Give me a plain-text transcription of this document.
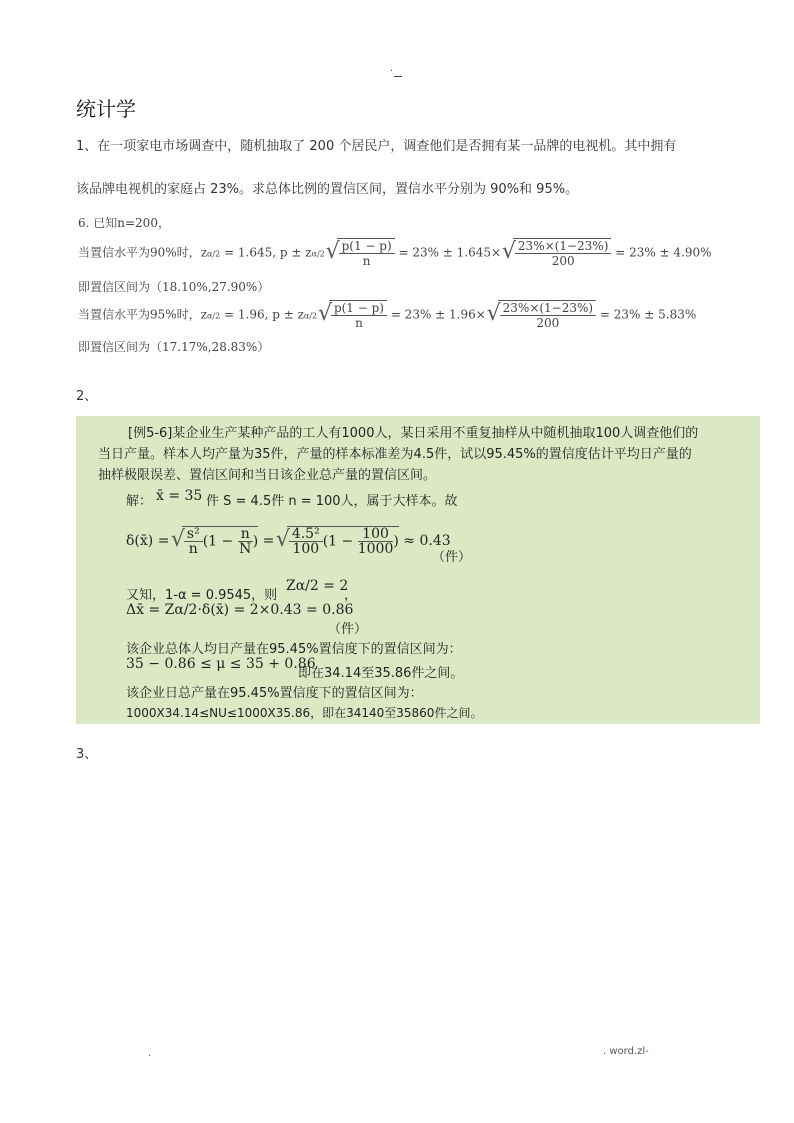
.
统计学
1、在一项家电市场调查中，随机抽取了 200 个居民户，调查他们是否拥有某一品牌的电视机。其中拥有
该品牌电视机的家庭占 23%。求总体比例的置信区间，置信水平分别为 90%和 95%。
6. 已知n=200，
当置信水平为90%时，zα/2 = 1.645, p ± zα/2 √ $\frac{p(1 - p)}{n} = 23\% \pm 1.645\times$ √ $\frac{23\%\times(1-23\%)}{200} = 23\% \pm 4.90\%$
即置信区间为（18.10%,27.90%）
当置信水平为95%时，zα/2 = 1.96, p ± zα/2 √ $\frac{p(1 - p)}{n} = 23\% \pm 1.96\times$ √ $\frac{23\%\times(1-23\%)}{200} = 23\% \pm 5.83\%$
即置信区间为（17.17%,28.83%）
2、
[例5-6]某企业生产某种产品的工人有1000人，某日采用不重复抽样从中随机抽取100人调查他们的
当日产量。样本人均产量为35件，产量的样本标准差为4.5件，试以95.45%的置信度估计平均日产量的
抽样极限误差、置信区间和当日该企业总产量的置信区间。
解： x̄ = 35 件 S = 4.5件 n = 100人，属于大样本。故
δ(x̄) = √ $\frac{\text{s²}}{n} (1 - \frac{n}{N}$ ) = √ $\frac{\text{4.5²}}{100} (1 - \frac{100}{1000}$ ) ≈ 0.43
（件）
又知，1-α = 0.9545，则
Zα/2 = 2
，
Δx̄ = Zα/2·δ(x̄) = 2×0.43 = 0.86
（件）
该企业总体人均日产量在95.45%置信度下的置信区间为：
35 − 0.86 ≤ μ ≤ 35 + 0.86
即在34.14至35.86件之间。
该企业日总产量在95.45%置信度下的置信区间为：
1000X34.14≤NU≤1000X35.86，即在34140至35860件之间。
3、
.	. word.zl-
